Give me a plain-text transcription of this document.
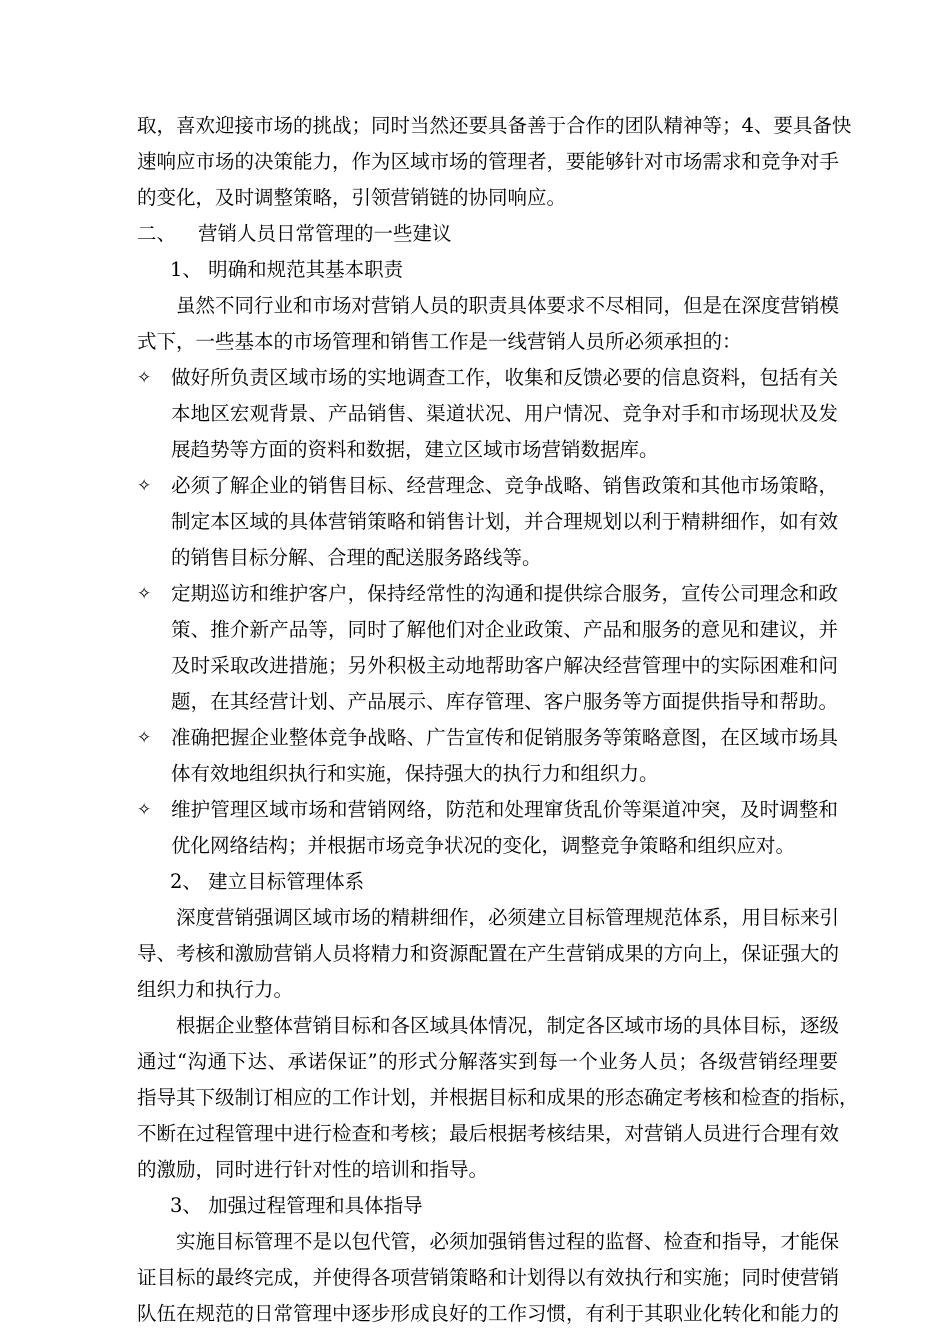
取，喜欢迎接市场的挑战；同时当然还要具备善于合作的团队精神等；4、要具备快
速响应市场的决策能力，作为区域市场的管理者，要能够针对市场需求和竞争对手
的变化，及时调整策略，引领营销链的协同响应。
二、 营销人员日常管理的一些建议
1、 明确和规范其基本职责
虽然不同行业和市场对营销人员的职责具体要求不尽相同，但是在深度营销模
式下，一些基本的市场管理和销售工作是一线营销人员所必须承担的：
✧ 做好所负责区域市场的实地调查工作，收集和反馈必要的信息资料，包括有关
本地区宏观背景、产品销售、渠道状况、用户情况、竞争对手和市场现状及发
展趋势等方面的资料和数据，建立区域市场营销数据库。
✧ 必须了解企业的销售目标、经营理念、竞争战略、销售政策和其他市场策略，
制定本区域的具体营销策略和销售计划，并合理规划以利于精耕细作，如有效
的销售目标分解、合理的配送服务路线等。
✧ 定期巡访和维护客户，保持经常性的沟通和提供综合服务，宣传公司理念和政
策、推介新产品等，同时了解他们对企业政策、产品和服务的意见和建议，并
及时采取改进措施；另外积极主动地帮助客户解决经营管理中的实际困难和问
题，在其经营计划、产品展示、库存管理、客户服务等方面提供指导和帮助。
✧ 准确把握企业整体竞争战略、广告宣传和促销服务等策略意图，在区域市场具
体有效地组织执行和实施，保持强大的执行力和组织力。
✧ 维护管理区域市场和营销网络，防范和处理窜货乱价等渠道冲突，及时调整和
优化网络结构；并根据市场竞争状况的变化，调整竞争策略和组织应对。
2、 建立目标管理体系
深度营销强调区域市场的精耕细作，必须建立目标管理规范体系，用目标来引
导、考核和激励营销人员将精力和资源配置在产生营销成果的方向上，保证强大的
组织力和执行力。
根据企业整体营销目标和各区域具体情况，制定各区域市场的具体目标，逐级
通过“沟通下达、承诺保证”的形式分解落实到每一个业务人员；各级营销经理要
指导其下级制订相应的工作计划，并根据目标和成果的形态确定考核和检查的指标，
不断在过程管理中进行检查和考核；最后根据考核结果，对营销人员进行合理有效
的激励，同时进行针对性的培训和指导。
3、 加强过程管理和具体指导
实施目标管理不是以包代管，必须加强销售过程的监督、检查和指导，才能保
证目标的最终完成，并使得各项营销策略和计划得以有效执行和实施；同时使营销
队伍在规范的日常管理中逐步形成良好的工作习惯，有利于其职业化转化和能力的
